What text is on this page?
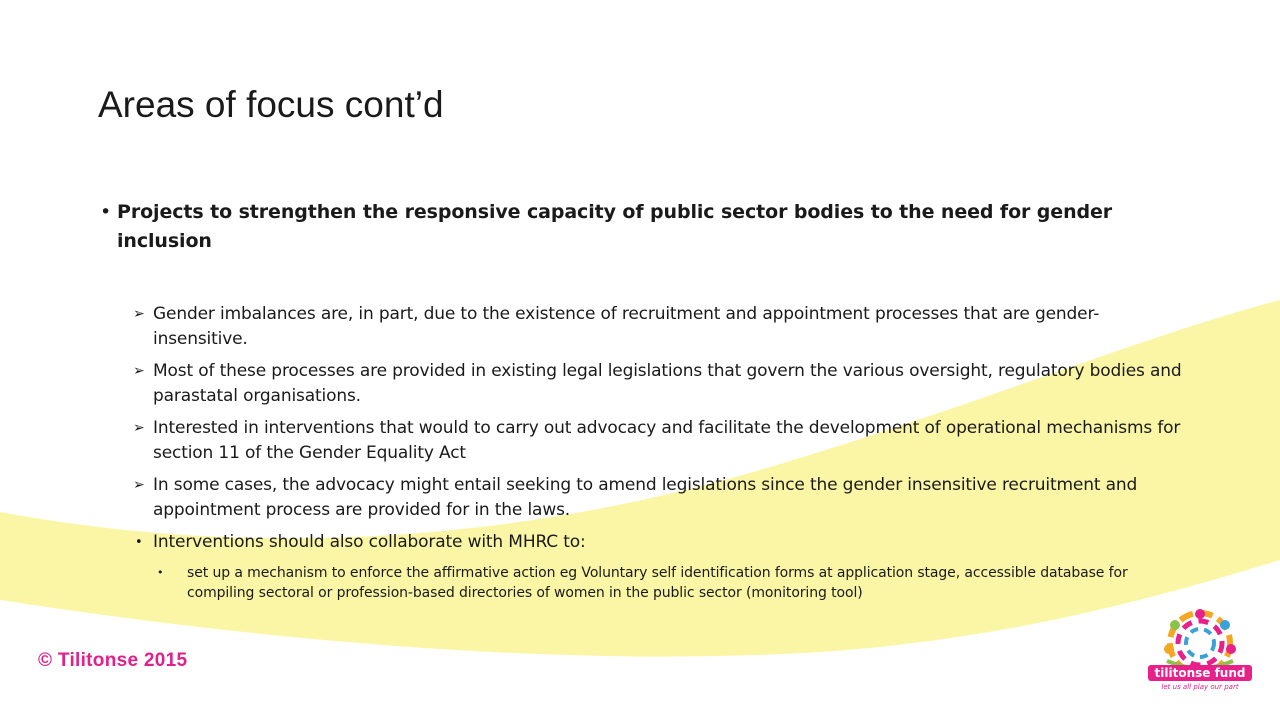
Areas of focus cont’d
• Projects to strengthen the responsive capacity of public sector bodies to the need for gender inclusion
➢ Gender imbalances are, in part, due to the existence of recruitment and appointment processes that are gender-insensitive.
➢ Most of these processes are provided in existing legal legislations that govern the various oversight, regulatory bodies and parastatal organisations.
➢ Interested in interventions that would to carry out advocacy and facilitate the development of operational mechanisms for section 11 of the Gender Equality Act
➢ In some cases, the advocacy might entail seeking to amend legislations since the gender insensitive recruitment and appointment process are provided for in the laws.
• Interventions should also collaborate with MHRC to:
• set up a mechanism to enforce the affirmative action eg Voluntary self identification forms at application stage, accessible database for compiling sectoral or profession-based directories of women in the public sector (monitoring tool)
© Tilitonse 2015
tilitonse fund
let us all play our part
